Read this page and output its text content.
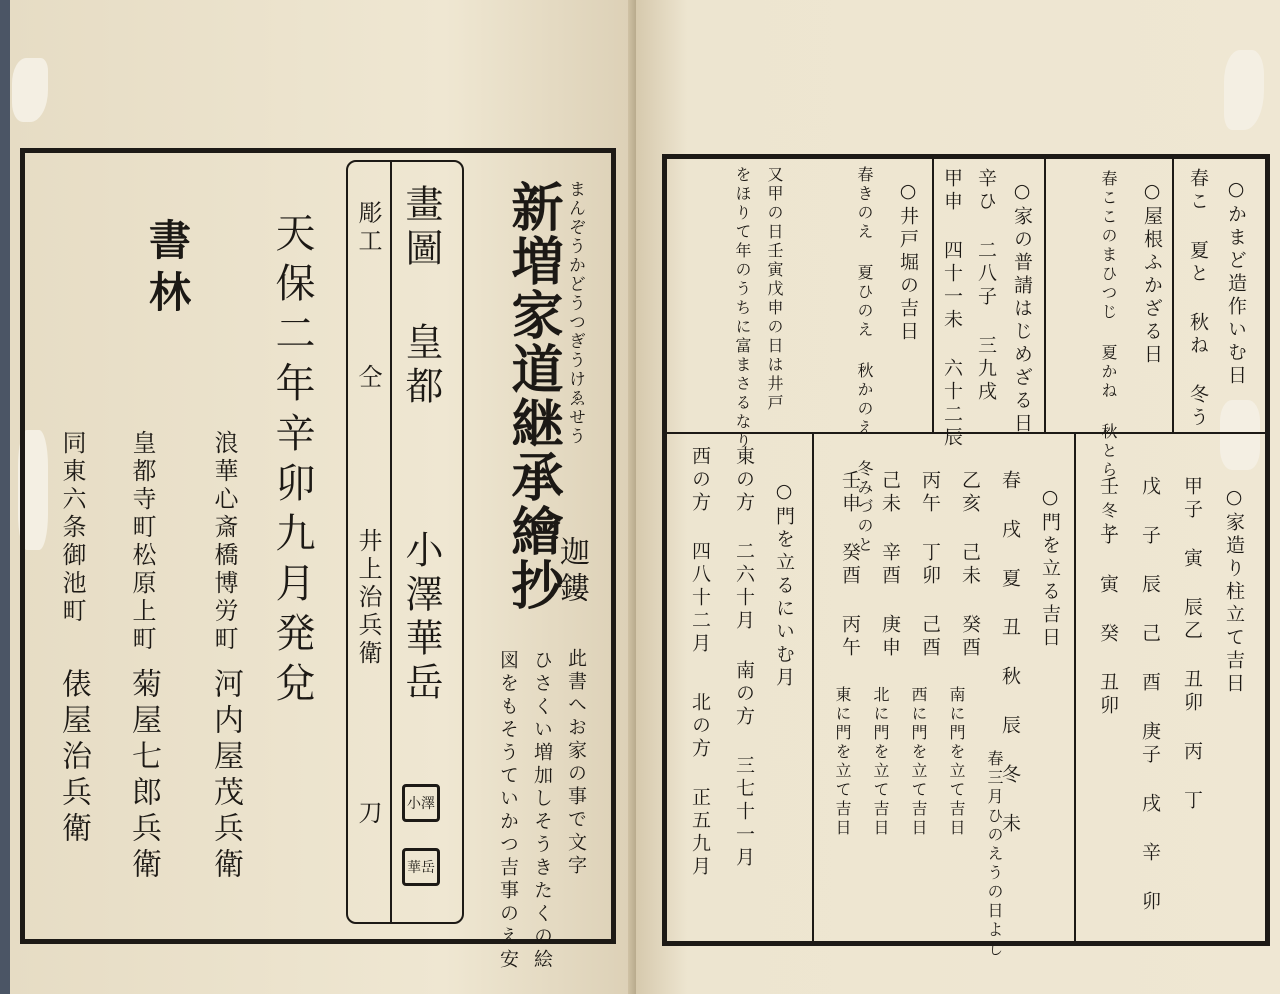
まんぞうかどうつぎうけゑせう
新増家道継承繪抄
迦鏤
此書へお家の事で文字
ひさくい増加しそうきたくの絵
図をもそうていかつ吉事のえ安
畫圖
皇都
小澤華岳
小澤
華岳
彫工
仝
井上治兵衛
刀
天保二年辛卯九月発兌
書林
浪華心斎橋博労町
河内屋茂兵衛
皇都寺町松原上町
菊屋七郎兵衛
同東六条御池町
俵屋治兵衛
○かまど造作いむ日
春こ 夏と 秋ね 冬う
○屋根ふかざる日
春ここのまひつじ 夏かね 秋とら 冬ヒ
○家の普請はじめざる日
辛ひ 二八子 三九戌
甲申 四十一未 六十二辰
○井戸堀の吉日
春きのえ 夏ひのえ 秋かのえ 冬みづのと
又甲の日壬寅戊申の日は井戸
をほりて年のうちに富まさるなり
○家造り柱立て吉日
甲子 寅 辰乙 丑卯 丙 丁
戊 子 辰 己 酉 庚子 戌 辛 卯
壬 子 寅 癸 丑卯
○門を立る吉日
春 戌 夏 丑 秋 辰 冬 未
乙亥 己未 癸酉
丙午 丁卯 己酉
己未 辛酉 庚申
壬申 癸酉 丙午
春三月ひのえうの日よし
南に門を立て吉日
西に門を立て吉日
北に門を立て吉日
東に門を立て吉日
○門を立るにいむ月
東の方 二六十月
南の方 三七十一月
西の方 四八十二月
北の方 正五九月
